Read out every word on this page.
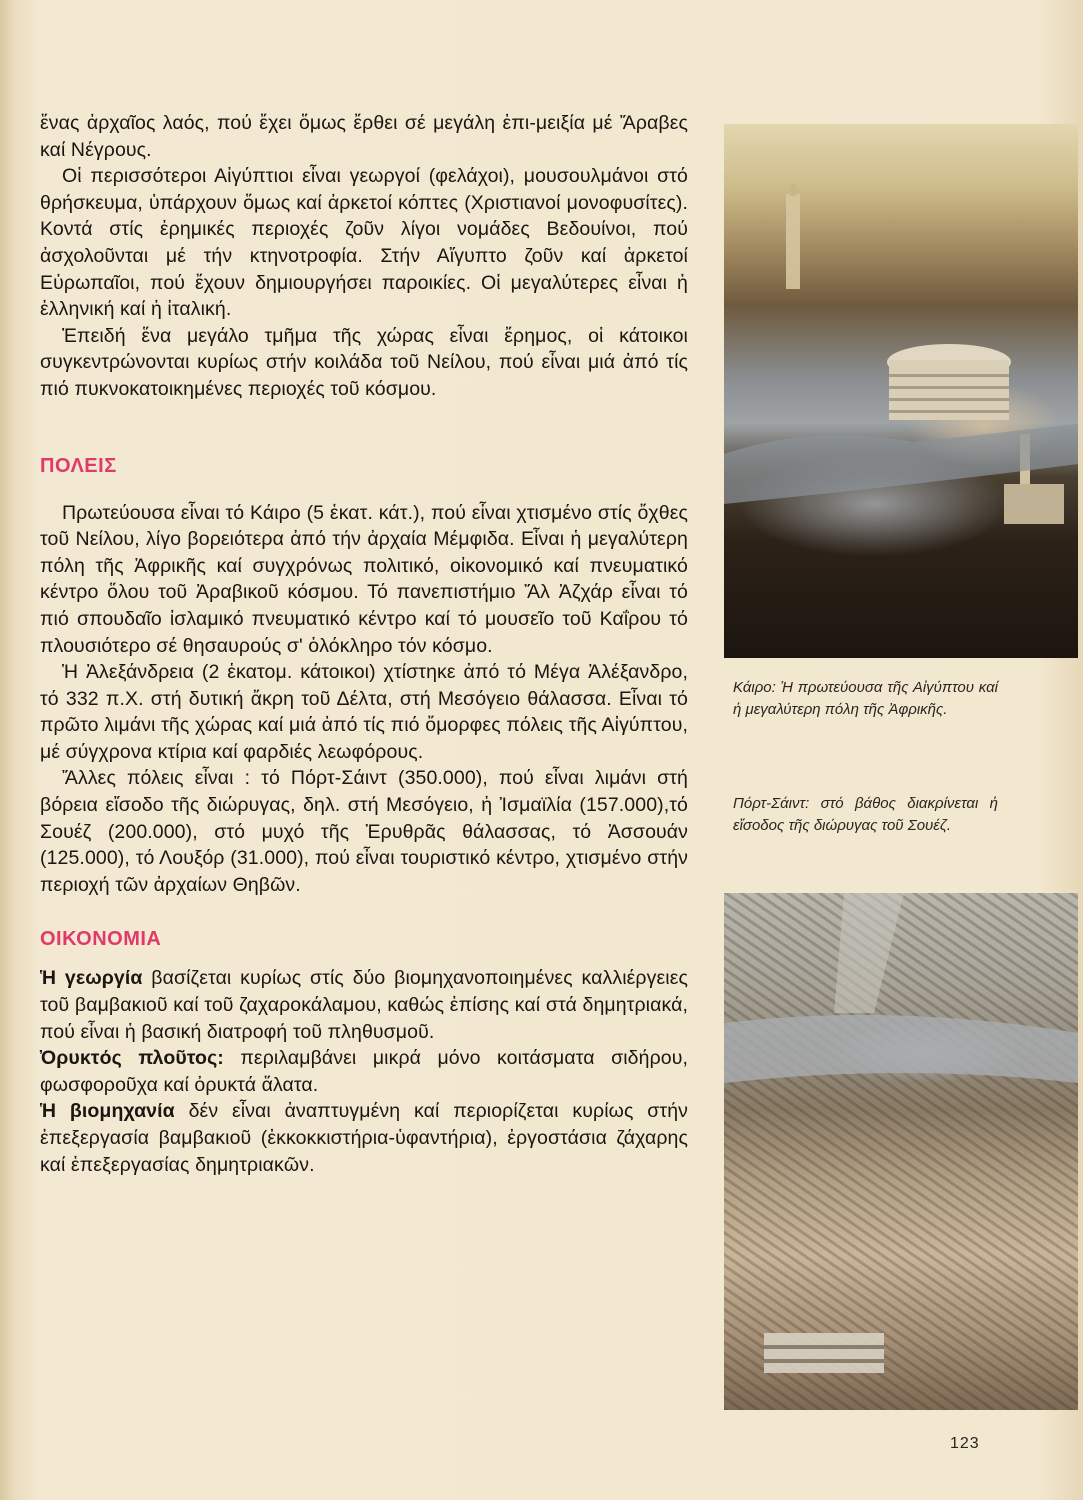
ἕνας ἀρχαῖος λαός, πού ἔχει ὅμως ἔρθει σέ μεγάλη ἐπι-μειξία μέ Ἄραβες καί Νέγρους.

Οἱ περισσότεροι Αἰγύπτιοι εἶναι γεωργοί (φελάχοι), μουσουλμάνοι στό θρήσκευμα, ὑπάρχουν ὅμως καί ἀρκετοί κόπτες (Χριστιανοί μονοφυσίτες). Κοντά στίς ἐρημικές περιοχές ζοῦν λίγοι νομάδες Βεδουίνοι, πού ἀσχολοῦνται μέ τήν κτηνοτροφία. Στήν Αἴγυπτο ζοῦν καί ἀρκετοί Εὐρωπαῖοι, πού ἔχουν δημιουργήσει παροικίες. Οἱ μεγαλύτερες εἶναι ἡ ἑλληνική καί ἡ ἰταλική.

Ἐπειδή ἕνα μεγάλο τμῆμα τῆς χώρας εἶναι ἔρημος, οἱ κάτοικοι συγκεντρώνονται κυρίως στήν κοιλάδα τοῦ Νείλου, πού εἶναι μιά ἀπό τίς πιό πυκνοκατοικημένες περιοχές τοῦ κόσμου.

ΠΟΛΕΙΣ

Πρωτεύουσα εἶναι τό Κάιρο (5 ἑκατ. κάτ.), πού εἶναι χτισμένο στίς ὄχθες τοῦ Νείλου, λίγο βορειότερα ἀπό τήν ἀρχαία Μέμφιδα. Εἶναι ἡ μεγαλύτερη πόλη τῆς Ἀφρικῆς καί συγχρόνως πολιτικό, οἰκονομικό καί πνευματικό κέντρο ὅλου τοῦ Ἀραβικοῦ κόσμου. Τό πανεπιστήμιο Ἄλ Ἀζχάρ εἶναι τό πιό σπουδαῖο ἰσλαμικό πνευματικό κέντρο καί τό μουσεῖο τοῦ Καΐρου τό πλουσιότερο σέ θησαυρούς σ' ὁλόκληρο τόν κόσμο.

Ἡ Ἀλεξάνδρεια (2 ἑκατομ. κάτοικοι) χτίστηκε ἀπό τό Μέγα Ἀλέξανδρο, τό 332 π.Χ. στή δυτική ἄκρη τοῦ Δέλτα, στή Μεσόγειο θάλασσα. Εἶναι τό πρῶτο λιμάνι τῆς χώρας καί μιά ἀπό τίς πιό ὄμορφες πόλεις τῆς Αἰγύπτου, μέ σύγχρονα κτίρια καί φαρδιές λεωφόρους.

Ἄλλες πόλεις εἶναι : τό Πόρτ-Σάιντ (350.000), πού εἶναι λιμάνι στή βόρεια εἴσοδο τῆς διώρυγας, δηλ. στή Μεσόγειο, ἡ Ἰσμαϊλία (157.000),τό Σουέζ (200.000), στό μυχό τῆς Ἐρυθρᾶς θάλασσας, τό Ἀσσουάν (125.000), τό Λουξόρ (31.000), πού εἶναι τουριστικό κέντρο, χτισμένο στήν περιοχή τῶν ἀρχαίων Θηβῶν.

ΟΙΚΟΝΟΜΙΑ

Ἡ γεωργία βασίζεται κυρίως στίς δύο βιομηχανοποιημένες καλλιέργειες τοῦ βαμβακιοῦ καί τοῦ ζαχαροκάλαμου, καθώς ἐπίσης καί στά δημητριακά, πού εἶναι ἡ βασική διατροφή τοῦ πληθυσμοῦ.

Ὀρυκτός πλοῦτος: περιλαμβάνει μικρά μόνο κοιτάσματα σιδήρου, φωσφοροῦχα καί ὀρυκτά ἅλατα.

Ἡ βιομηχανία δέν εἶναι ἀναπτυγμένη καί περιορίζεται κυρίως στήν ἐπεξεργασία βαμβακιοῦ (ἐκκοκκιστήρια-ὑφαντήρια), ἐργοστάσια ζάχαρης καί ἐπεξεργασίας δημητριακῶν.

Κάιρο: Ἡ πρωτεύουσα τῆς Αἰγύπτου καί ἡ μεγαλύτερη πόλη τῆς Ἀφρικῆς.

Πόρτ-Σάιντ: στό βάθος διακρίνεται ἡ εἴσοδος τῆς διώρυγας τοῦ Σουέζ.

123
